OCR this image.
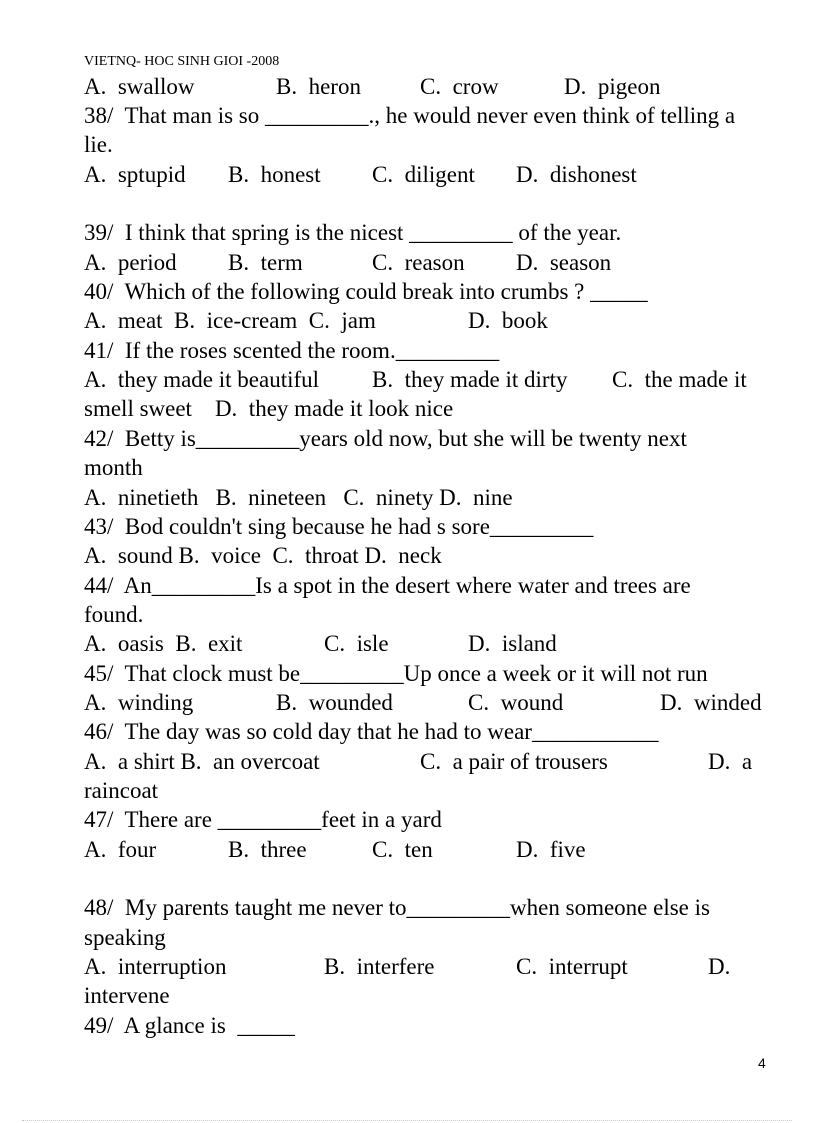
VIETNQ- HOC SINH GIOI -2008
A.  swallow	B.  heron	C.  crow	D.  pigeon
38/  That man is so _________., he would never even think of telling a
lie.
A.  sptupid B.  honest C.  diligent D.  dishonest
39/  I think that spring is the nicest _________ of the year.
A.  period B.  term	C.  reason D.  season
40/  Which of the following could break into crumbs ? _____
A.  meat  B.  ice-cream  C.  jam	D.  book
41/  If the roses scented the room._________
A.  they made it beautiful B.  they made it dirty C.  the made it
smell sweet    D.  they made it look nice
42/  Betty is_________years old now, but she will be twenty next
month
A.  ninetieth   B.  nineteen   C.  ninety D.  nine
43/  Bod couldn't sing because he had s sore_________
A.  sound B.  voice  C.  throat D.  neck
44/  An_________Is a spot in the desert where water and trees are
found.
A.  oasis  B.  exit	C.  isle	D.  island
45/  That clock must be_________Up once a week or it will not run
A.  winding	B.  wounded	C.  wound	D.  winded
46/  The day was so cold day that he had to wear___________
A.  a shirt B.  an overcoat	C.  a pair of trousers	D.  a
raincoat
47/  There are _________feet in a yard
A.  four	B.  three	C.  ten	D.  five
48/  My parents taught me never to_________when someone else is
speaking
A.  interruption	B.  interfere	C.  interrupt	D.
intervene
49/  A glance is  _____
4
